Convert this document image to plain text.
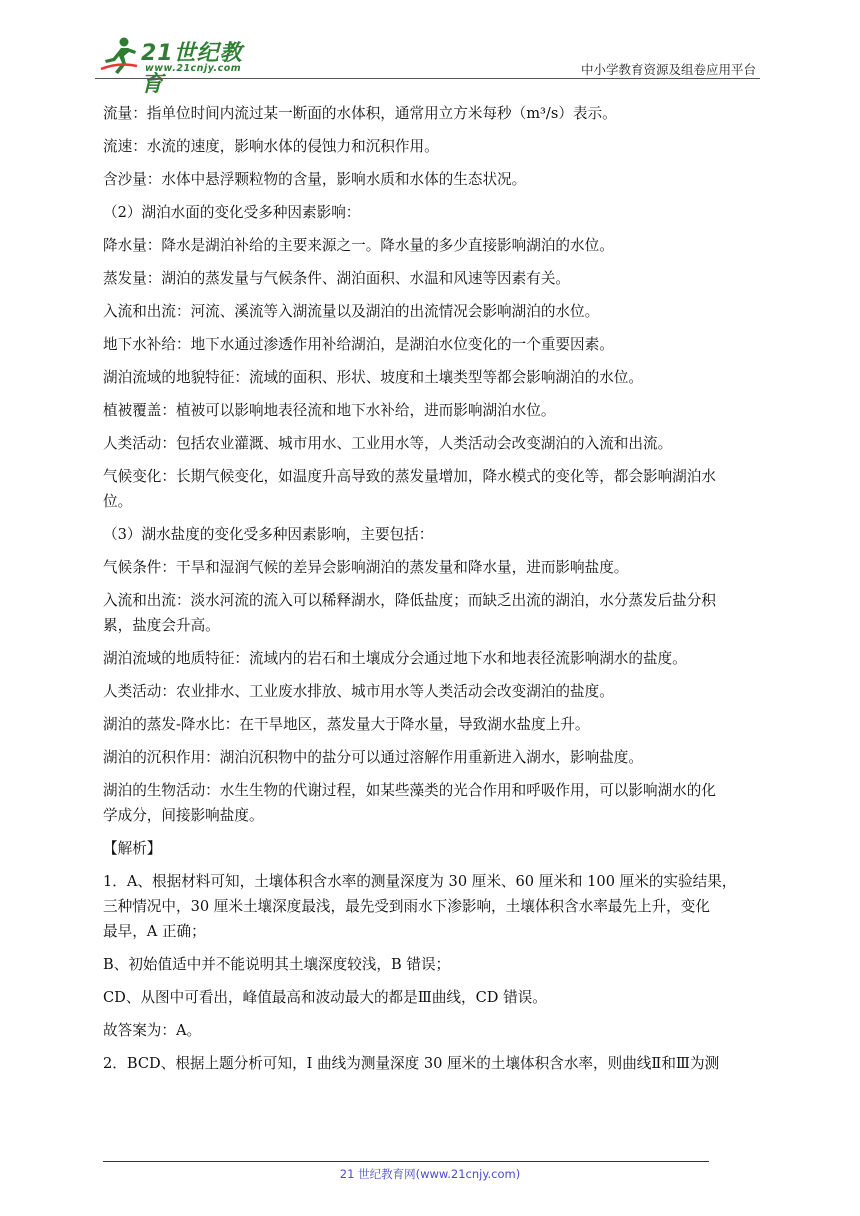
21世纪教育
www.21cnjy.com	中小学教育资源及组卷应用平台
流量：指单位时间内流过某一断面的水体积，通常用立方米每秒（m³/s）表示。
流速：水流的速度，影响水体的侵蚀力和沉积作用。
含沙量：水体中悬浮颗粒物的含量，影响水质和水体的生态状况。
（2）湖泊水面的变化受多种因素影响：
降水量：降水是湖泊补给的主要来源之一。降水量的多少直接影响湖泊的水位。
蒸发量：湖泊的蒸发量与气候条件、湖泊面积、水温和风速等因素有关。
入流和出流：河流、溪流等入湖流量以及湖泊的出流情况会影响湖泊的水位。
地下水补给：地下水通过渗透作用补给湖泊，是湖泊水位变化的一个重要因素。
湖泊流域的地貌特征：流域的面积、形状、坡度和土壤类型等都会影响湖泊的水位。
植被覆盖：植被可以影响地表径流和地下水补给，进而影响湖泊水位。
人类活动：包括农业灌溉、城市用水、工业用水等，人类活动会改变湖泊的入流和出流。
气候变化：长期气候变化，如温度升高导致的蒸发量增加，降水模式的变化等，都会影响湖泊水
位。
（3）湖水盐度的变化受多种因素影响，主要包括：
气候条件：干旱和湿润气候的差异会影响湖泊的蒸发量和降水量，进而影响盐度。
入流和出流：淡水河流的流入可以稀释湖水，降低盐度；而缺乏出流的湖泊，水分蒸发后盐分积
累，盐度会升高。
湖泊流域的地质特征：流域内的岩石和土壤成分会通过地下水和地表径流影响湖水的盐度。
人类活动：农业排水、工业废水排放、城市用水等人类活动会改变湖泊的盐度。
湖泊的蒸发-降水比：在干旱地区，蒸发量大于降水量，导致湖水盐度上升。
湖泊的沉积作用：湖泊沉积物中的盐分可以通过溶解作用重新进入湖水，影响盐度。
湖泊的生物活动：水生生物的代谢过程，如某些藻类的光合作用和呼吸作用，可以影响湖水的化
学成分，间接影响盐度。
【解析】
1．A、根据材料可知，土壤体积含水率的测量深度为 30 厘米、60 厘米和 100 厘米的实验结果，
三种情况中，30 厘米土壤深度最浅，最先受到雨水下渗影响，土壤体积含水率最先上升，变化
最早，A 正确；
B、初始值适中并不能说明其土壤深度较浅，B 错误；
CD、从图中可看出，峰值最高和波动最大的都是Ⅲ曲线，CD 错误。
故答案为：A。
2．BCD、根据上题分析可知，I 曲线为测量深度 30 厘米的土壤体积含水率，则曲线Ⅱ和Ⅲ为测
21 世纪教育网(www.21cnjy.com)
